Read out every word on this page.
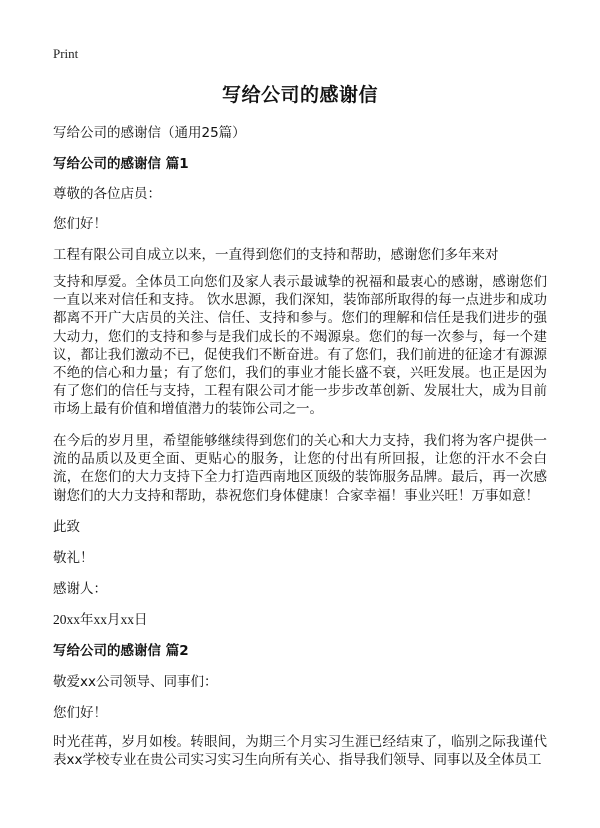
Print
写给公司的感谢信
写给公司的感谢信（通用25篇）
写给公司的感谢信 篇1
尊敬的各位店员：
您们好！
工程有限公司自成立以来，一直得到您们的支持和帮助，感谢您们多年来对
支持和厚爱。全体员工向您们及家人表示最诚挚的祝福和最衷心的感谢，感谢您们一直以来对信任和支持。 饮水思源，我们深知，装饰部所取得的每一点进步和成功都离不开广大店员的关注、信任、支持和参与。您们的理解和信任是我们进步的强大动力，您们的支持和参与是我们成长的不竭源泉。您们的每一次参与，每一个建议，都让我们激动不已，促使我们不断奋进。有了您们，我们前进的征途才有源源不绝的信心和力量；有了您们，我们的事业才能长盛不衰，兴旺发展。也正是因为有了您们的信任与支持，工程有限公司才能一步步改革创新、发展壮大，成为目前市场上最有价值和增值潜力的装饰公司之一。
在今后的岁月里，希望能够继续得到您们的关心和大力支持，我们将为客户提供一流的品质以及更全面、更贴心的服务，让您的付出有所回报，让您的汗水不会白流，在您们的大力支持下全力打造西南地区顶级的装饰服务品牌。最后，再一次感谢您们的大力支持和帮助，恭祝您们身体健康！合家幸福！事业兴旺！万事如意！
此致
敬礼！
感谢人：
20xx年xx月xx日
写给公司的感谢信 篇2
敬爱xx公司领导、同事们：
您们好！
时光荏苒，岁月如梭。转眼间，为期三个月实习生涯已经结束了，临别之际我谨代表xx学校专业在贵公司实习实习生向所有关心、指导我们领导、同事以及全体员工
